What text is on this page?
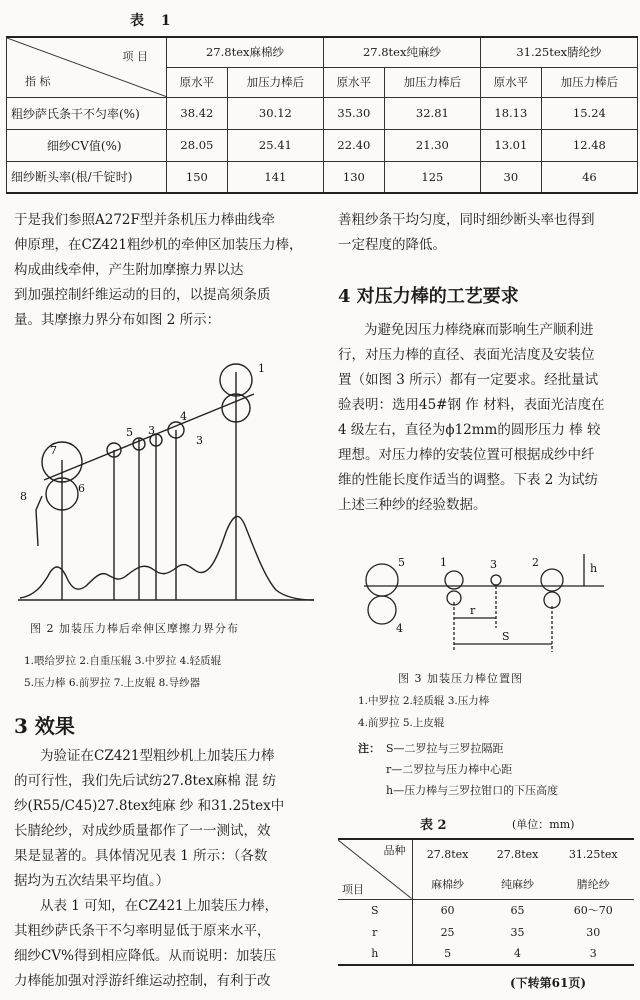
表 1
项 目
指 标	27.8tex麻棉纱		27.8tex纯麻纱		31.25tex腈纶纱	
	原水平	加压力棒后	原水平	加压力棒后	原水平	加压力棒后
粗纱萨氏条干不匀率(%)	38.42	30.12	35.30	32.81	18.13	15.24
细纱CV值(%)	28.05	25.41	22.40	21.30	13.01	12.48
细纱断头率(根/千锭时)	150	141	130	125	30	46
于是我们参照A272F型并条机压力棒曲线牵
伸原理，在CZ421粗纱机的牵伸区加装压力棒，
构成曲线牵伸，产生附加摩擦力界以达
到加强控制纤维运动的目的，以提高须条质
量。其摩擦力界分布如图 2 所示：
8
7
6
5 3
4
3
1
图 2 加装压力棒后牵伸区摩擦力界分布
1.喂给罗拉 2.自重压辊 3.中罗拉 4.轻质辊
5.压力棒 6.前罗拉 7.上皮辊 8.导纱器
3 效果
为验证在CZ421型粗纱机上加装压力棒
的可行性，我们先后试纺27.8tex麻棉 混 纺
纱(R55/C45)27.8tex纯麻 纱 和31.25tex中
长腈纶纱，对成纱质量都作了一一测试，效
果是显著的。具体情况见表 1 所示：（各数
据均为五次结果平均值。）
从表 1 可知，在CZ421上加装压力棒，
其粗纱萨氏条干不匀率明显低于原来水平，
细纱CV%得到相应降低。从而说明：加装压
力棒能加强对浮游纤维运动控制，有利于改
善粗纱条干均匀度，同时细纱断头率也得到
一定程度的降低。
4 对压力棒的工艺要求
为避免因压力棒绕麻而影响生产顺利进
行，对压力棒的直径、表面光洁度及安装位
置（如图 3 所示）都有一定要求。经批量试
验表明：选用45#钢 作 材料，表面光洁度在
4 级左右，直径为ϕ12mm的圆形压力 棒 较
理想。对压力棒的安装位置可根据成纱中纤
维的性能长度作适当的调整。下表 2 为试纺
上述三种纱的经验数据。
5
4
1	3	2
r
S
h
图 3 加装压力棒位置图
1.中罗拉 2.轻质辊 3.压力棒
4.前罗拉 5.上皮辊
注： S—二罗拉与三罗拉隔距
r—二罗拉与压力棒中心距
h—压力棒与三罗拉钳口的下压高度
表 2	(单位：mm)
品种
项目	27.8tex	27.8tex	31.25tex

	麻棉纱	纯麻纱	腈纶纱
S	60	65	60～70
r	25	35	30
h	5	4	3
(下转第61页)
